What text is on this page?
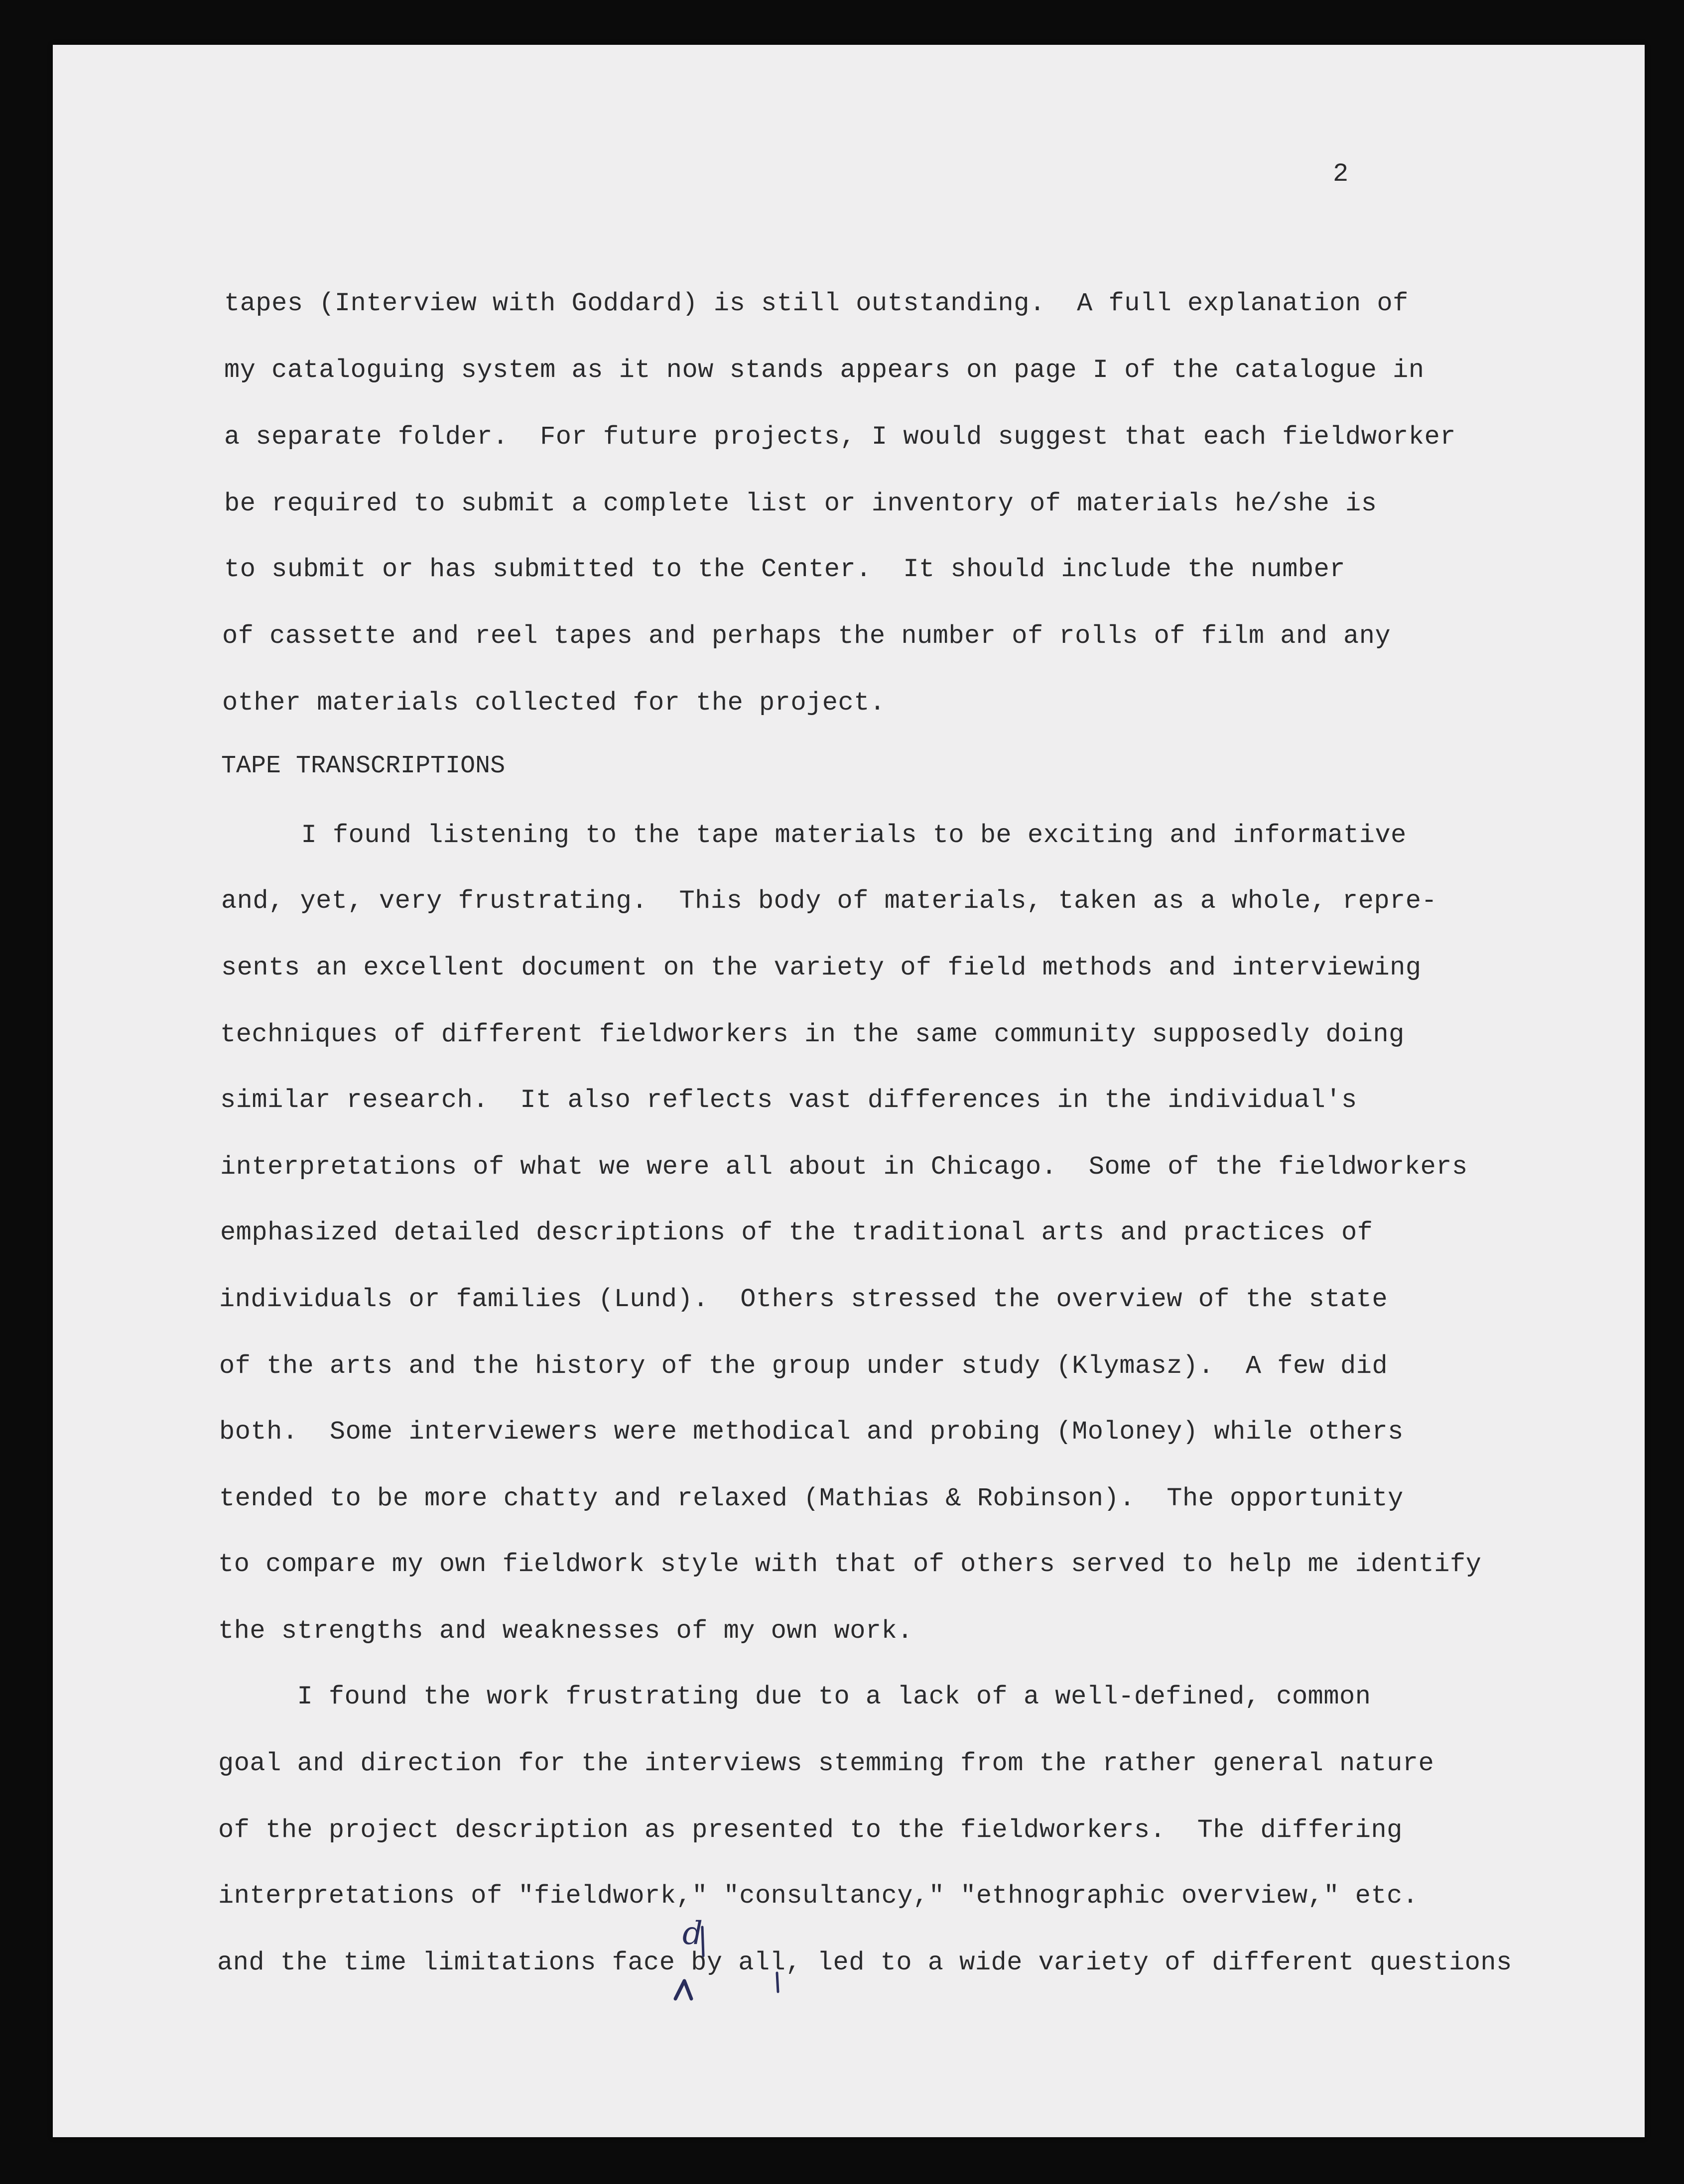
2
tapes (Interview with Goddard) is still outstanding.  A full explanation of
my cataloguing system as it now stands appears on page I of the catalogue in
a separate folder.  For future projects, I would suggest that each fieldworker
be required to submit a complete list or inventory of materials he/she is
to submit or has submitted to the Center.  It should include the number
of cassette and reel tapes and perhaps the number of rolls of film and any
other materials collected for the project.
TAPE TRANSCRIPTIONS
I found listening to the tape materials to be exciting and informative
and, yet, very frustrating.  This body of materials, taken as a whole, repre-
sents an excellent document on the variety of field methods and interviewing
techniques of different fieldworkers in the same community supposedly doing
similar research.  It also reflects vast differences in the individual's
interpretations of what we were all about in Chicago.  Some of the fieldworkers
emphasized detailed descriptions of the traditional arts and practices of
individuals or families (Lund).  Others stressed the overview of the state
of the arts and the history of the group under study (Klymasz).  A few did
both.  Some interviewers were methodical and probing (Moloney) while others
tended to be more chatty and relaxed (Mathias & Robinson).  The opportunity
to compare my own fieldwork style with that of others served to help me identify
the strengths and weaknesses of my own work.
I found the work frustrating due to a lack of a well-defined, common
goal and direction for the interviews stemming from the rather general nature
of the project description as presented to the fieldworkers.  The differing
interpretations of "fieldwork," "consultancy," "ethnographic overview," etc.
and the time limitations face by all, led to a wide variety of different questions
d
